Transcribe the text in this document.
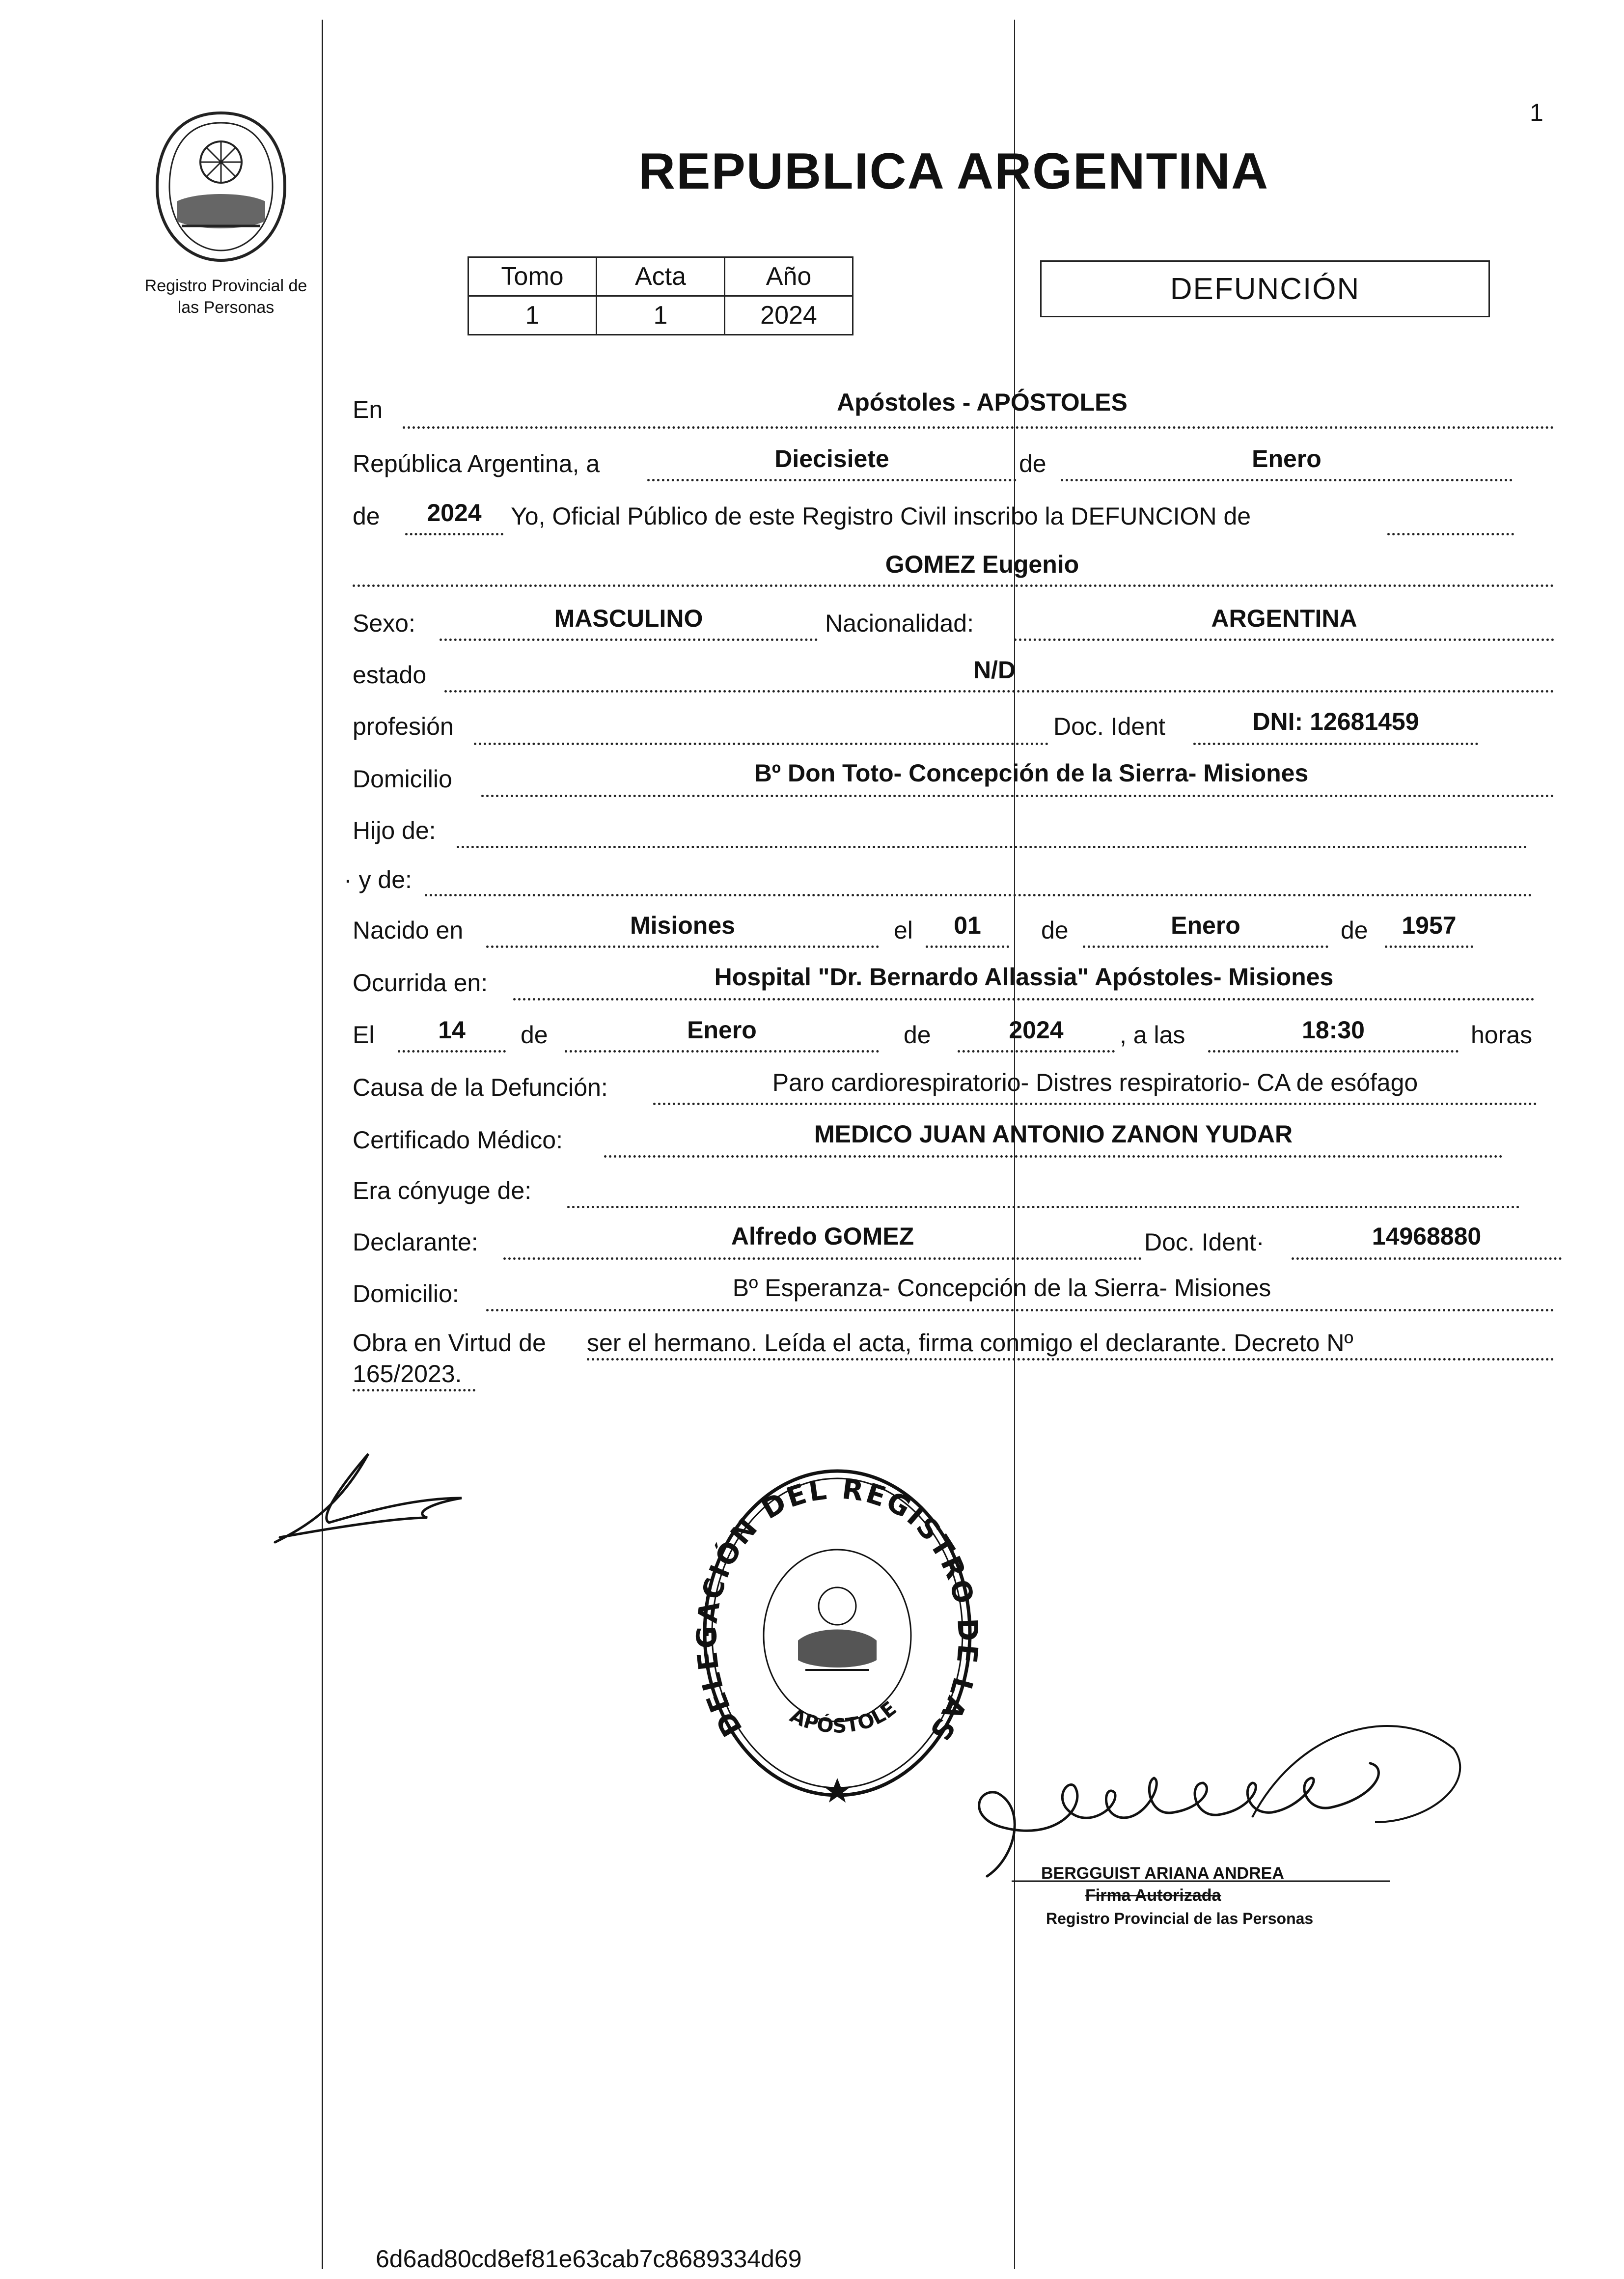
1
Registro Provincial de
las Personas
REPUBLICA ARGENTINA
Tomo	Acta	Año
1	1	2024
DEFUNCIÓN
En	Apóstoles - APÓSTOLES
República Argentina, a	Diecisiete	de	Enero
de	2024	Yo, Oficial Público de este Registro Civil inscribo la DEFUNCION de
GOMEZ Eugenio
Sexo:	MASCULINO	Nacionalidad:	ARGENTINA
estado	N/D
profesión	Doc. Ident	DNI: 12681459
Domicilio	Bº Don Toto- Concepción de la Sierra- Misiones
Hijo de:
· y de:
Nacido en	Misiones	el	01	de	Enero	de	1957
Ocurrida en:	Hospital "Dr. Bernardo Allassia" Apóstoles- Misiones
El	14	de	Enero	de	2024	, a las	18:30	horas
Causa de la Defunción:	Paro cardiorespiratorio- Distres respiratorio- CA de esófago
Certificado Médico:	MEDICO JUAN ANTONIO ZANON YUDAR
Era cónyuge de:
Declarante:	Alfredo GOMEZ	Doc. Ident·	14968880
Domicilio:	Bº Esperanza- Concepción de la Sierra- Misiones
Obra en Virtud de ser el hermano. Leída el acta, firma conmigo el declarante. Decreto Nº
165/2023.
DELEGACIÓN DEL REGISTRO DE LAS
APÓSTOLE
BERGGUIST ARIANA ANDREA
Firma Autorizada
Registro Provincial de las Personas
6d6ad80cd8ef81e63cab7c8689334d69
